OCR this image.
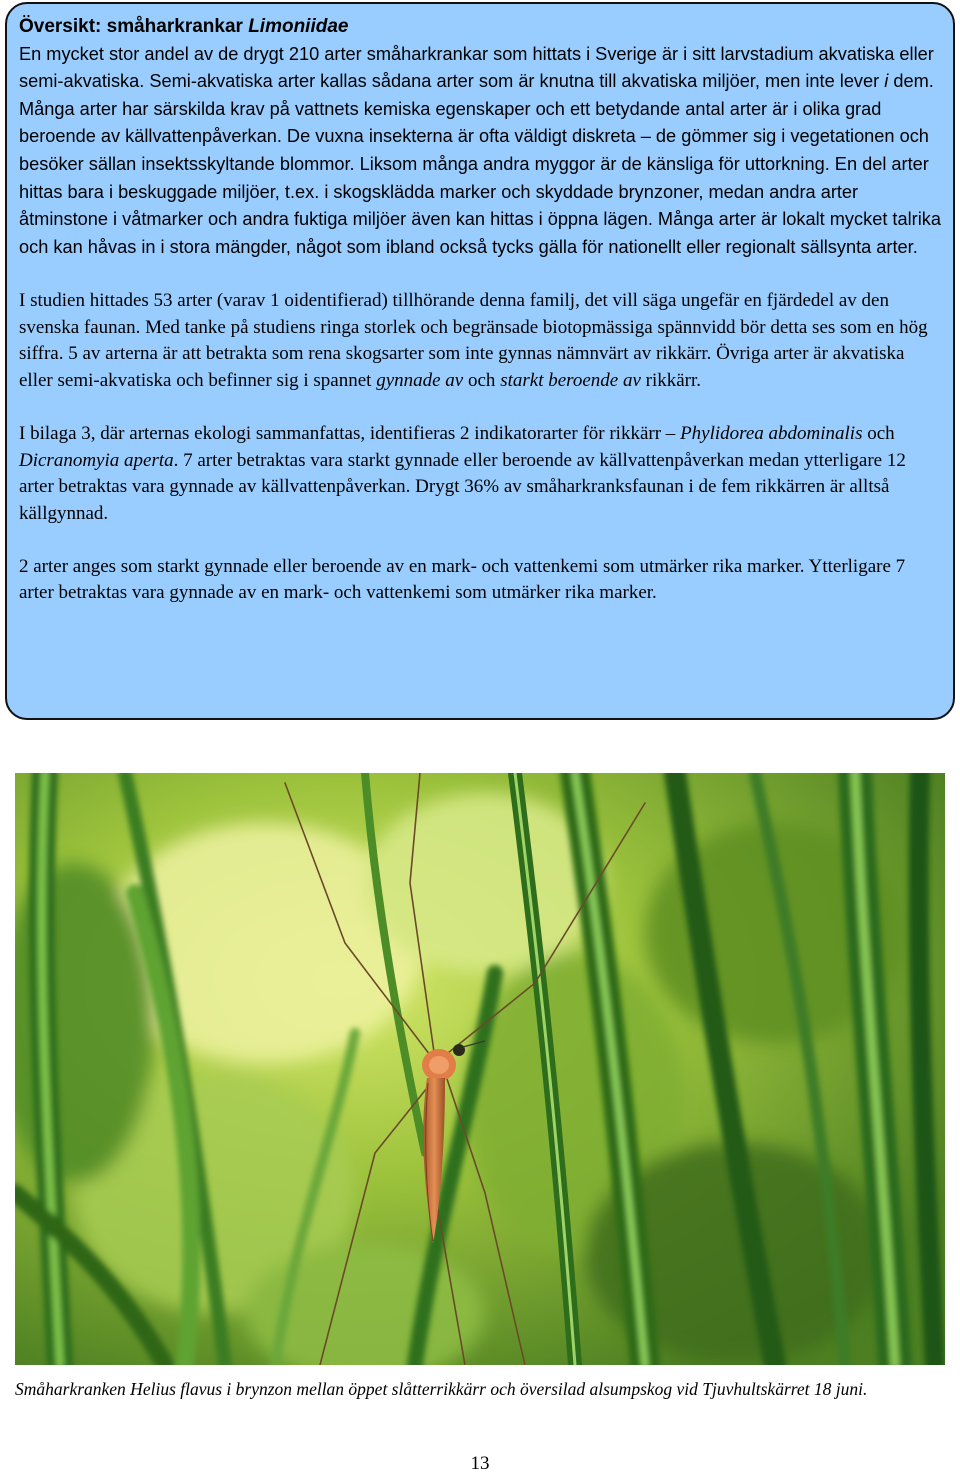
Översikt: småharkrankar Limoniidae
En mycket stor andel av de drygt 210 arter småharkrankar som hittats i Sverige är i sitt larvstadium akvatiska eller semi-akvatiska. Semi-akvatiska arter kallas sådana arter som är knutna till akvatiska miljöer, men inte lever i dem. Många arter har särskilda krav på vattnets kemiska egenskaper och ett betydande antal arter är i olika grad beroende av källvattenpåverkan. De vuxna insekterna är ofta väldigt diskreta – de gömmer sig i vegetationen och besöker sällan insektsskyltande blommor. Liksom många andra myggor är de känsliga för uttorkning. En del arter hittas bara i beskuggade miljöer, t.ex. i skogsklädda marker och skyddade brynzoner, medan andra arter åtminstone i våtmarker och andra fuktiga miljöer även kan hittas i öppna lägen. Många arter är lokalt mycket talrika och kan håvas in i stora mängder, något som ibland också tycks gälla för nationellt eller regionalt sällsynta arter.

I studien hittades 53 arter (varav 1 oidentifierad) tillhörande denna familj, det vill säga ungefär en fjärdedel av den svenska faunan. Med tanke på studiens ringa storlek och begränsade biotopmässiga spännvidd bör detta ses som en hög siffra. 5 av arterna är att betrakta som rena skogsarter som inte gynnas nämnvärt av rikkärr. Övriga arter är akvatiska eller semi-akvatiska och befinner sig i spannet gynnade av och starkt beroende av rikkärr.

I bilaga 3, där arternas ekologi sammanfattas, identifieras 2 indikatorarter för rikkärr – Phylidorea abdominalis och Dicranomyia aperta. 7 arter betraktas vara starkt gynnade eller beroende av källvattenpåverkan medan ytterligare 12 arter betraktas vara gynnade av källvattenpåverkan. Drygt 36% av småharkranksfaunan i de fem rikkärren är alltså källgynnad.

2 arter anges som starkt gynnade eller beroende av en mark- och vattenkemi som utmärker rika marker. Ytterligare 7 arter betraktas vara gynnade av en mark- och vattenkemi som utmärker rika marker.

Småharkranken Helius flavus i brynzon mellan öppet slåtterrikkärr och översilad alsumpskog vid Tjuvhultskärret 18 juni.
13
